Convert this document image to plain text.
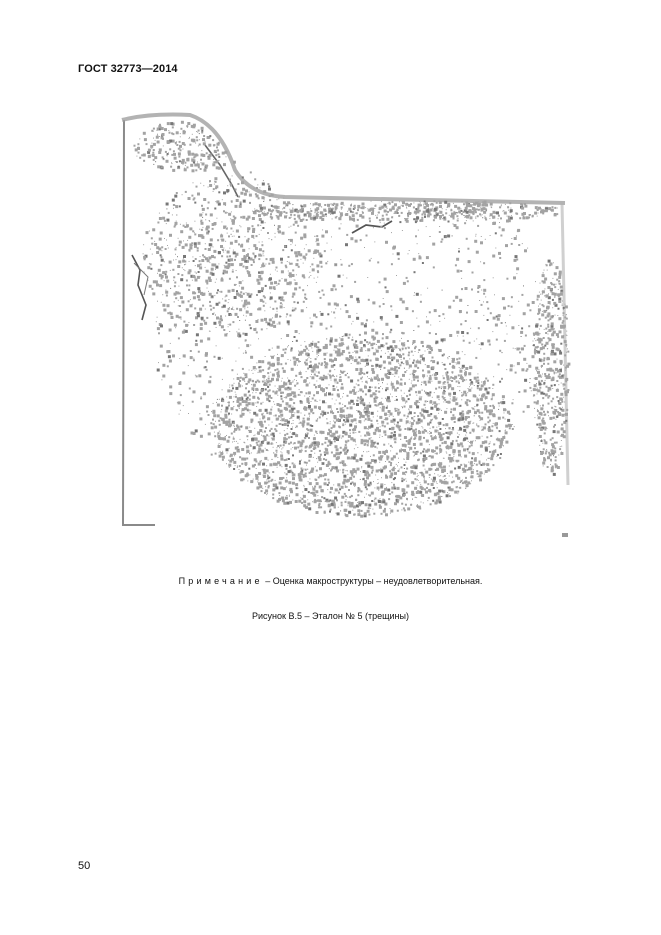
ГОСТ 32773—2014
Примечание – Оценка макроструктуры – неудовлетворительная.
Рисунок В.5 – Эталон № 5 (трещины)
50
